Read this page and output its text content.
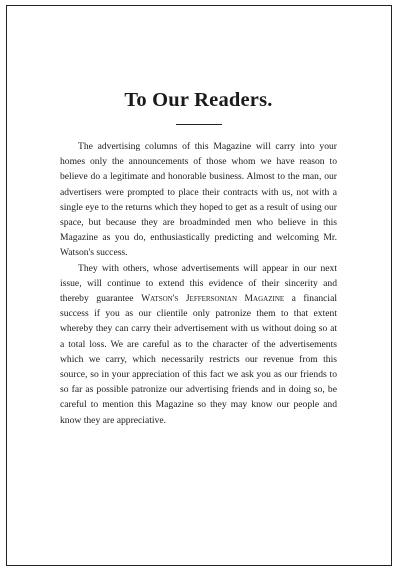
To Our Readers.

The advertising columns of this Magazine will carry into your homes only the announcements of those whom we have reason to believe do a legitimate and honorable business. Almost to the man, our advertisers were prompted to place their contracts with us, not with a single eye to the returns which they hoped to get as a result of using our space, but because they are broadminded men who believe in this Magazine as you do, enthusiastically predicting and welcoming Mr. Watson's success.

They with others, whose advertisements will appear in our next issue, will continue to extend this evidence of their sincerity and thereby guarantee Watson's Jeffersonian Magazine a financial success if you as our clientile only patronize them to that extent whereby they can carry their advertisement with us without doing so at a total loss. We are careful as to the character of the advertisements which we carry, which necessarily restricts our revenue from this source, so in your appreciation of this fact we ask you as our friends to so far as possible patronize our advertising friends and in doing so, be careful to mention this Magazine so they may know our people and know they are appreciative.
